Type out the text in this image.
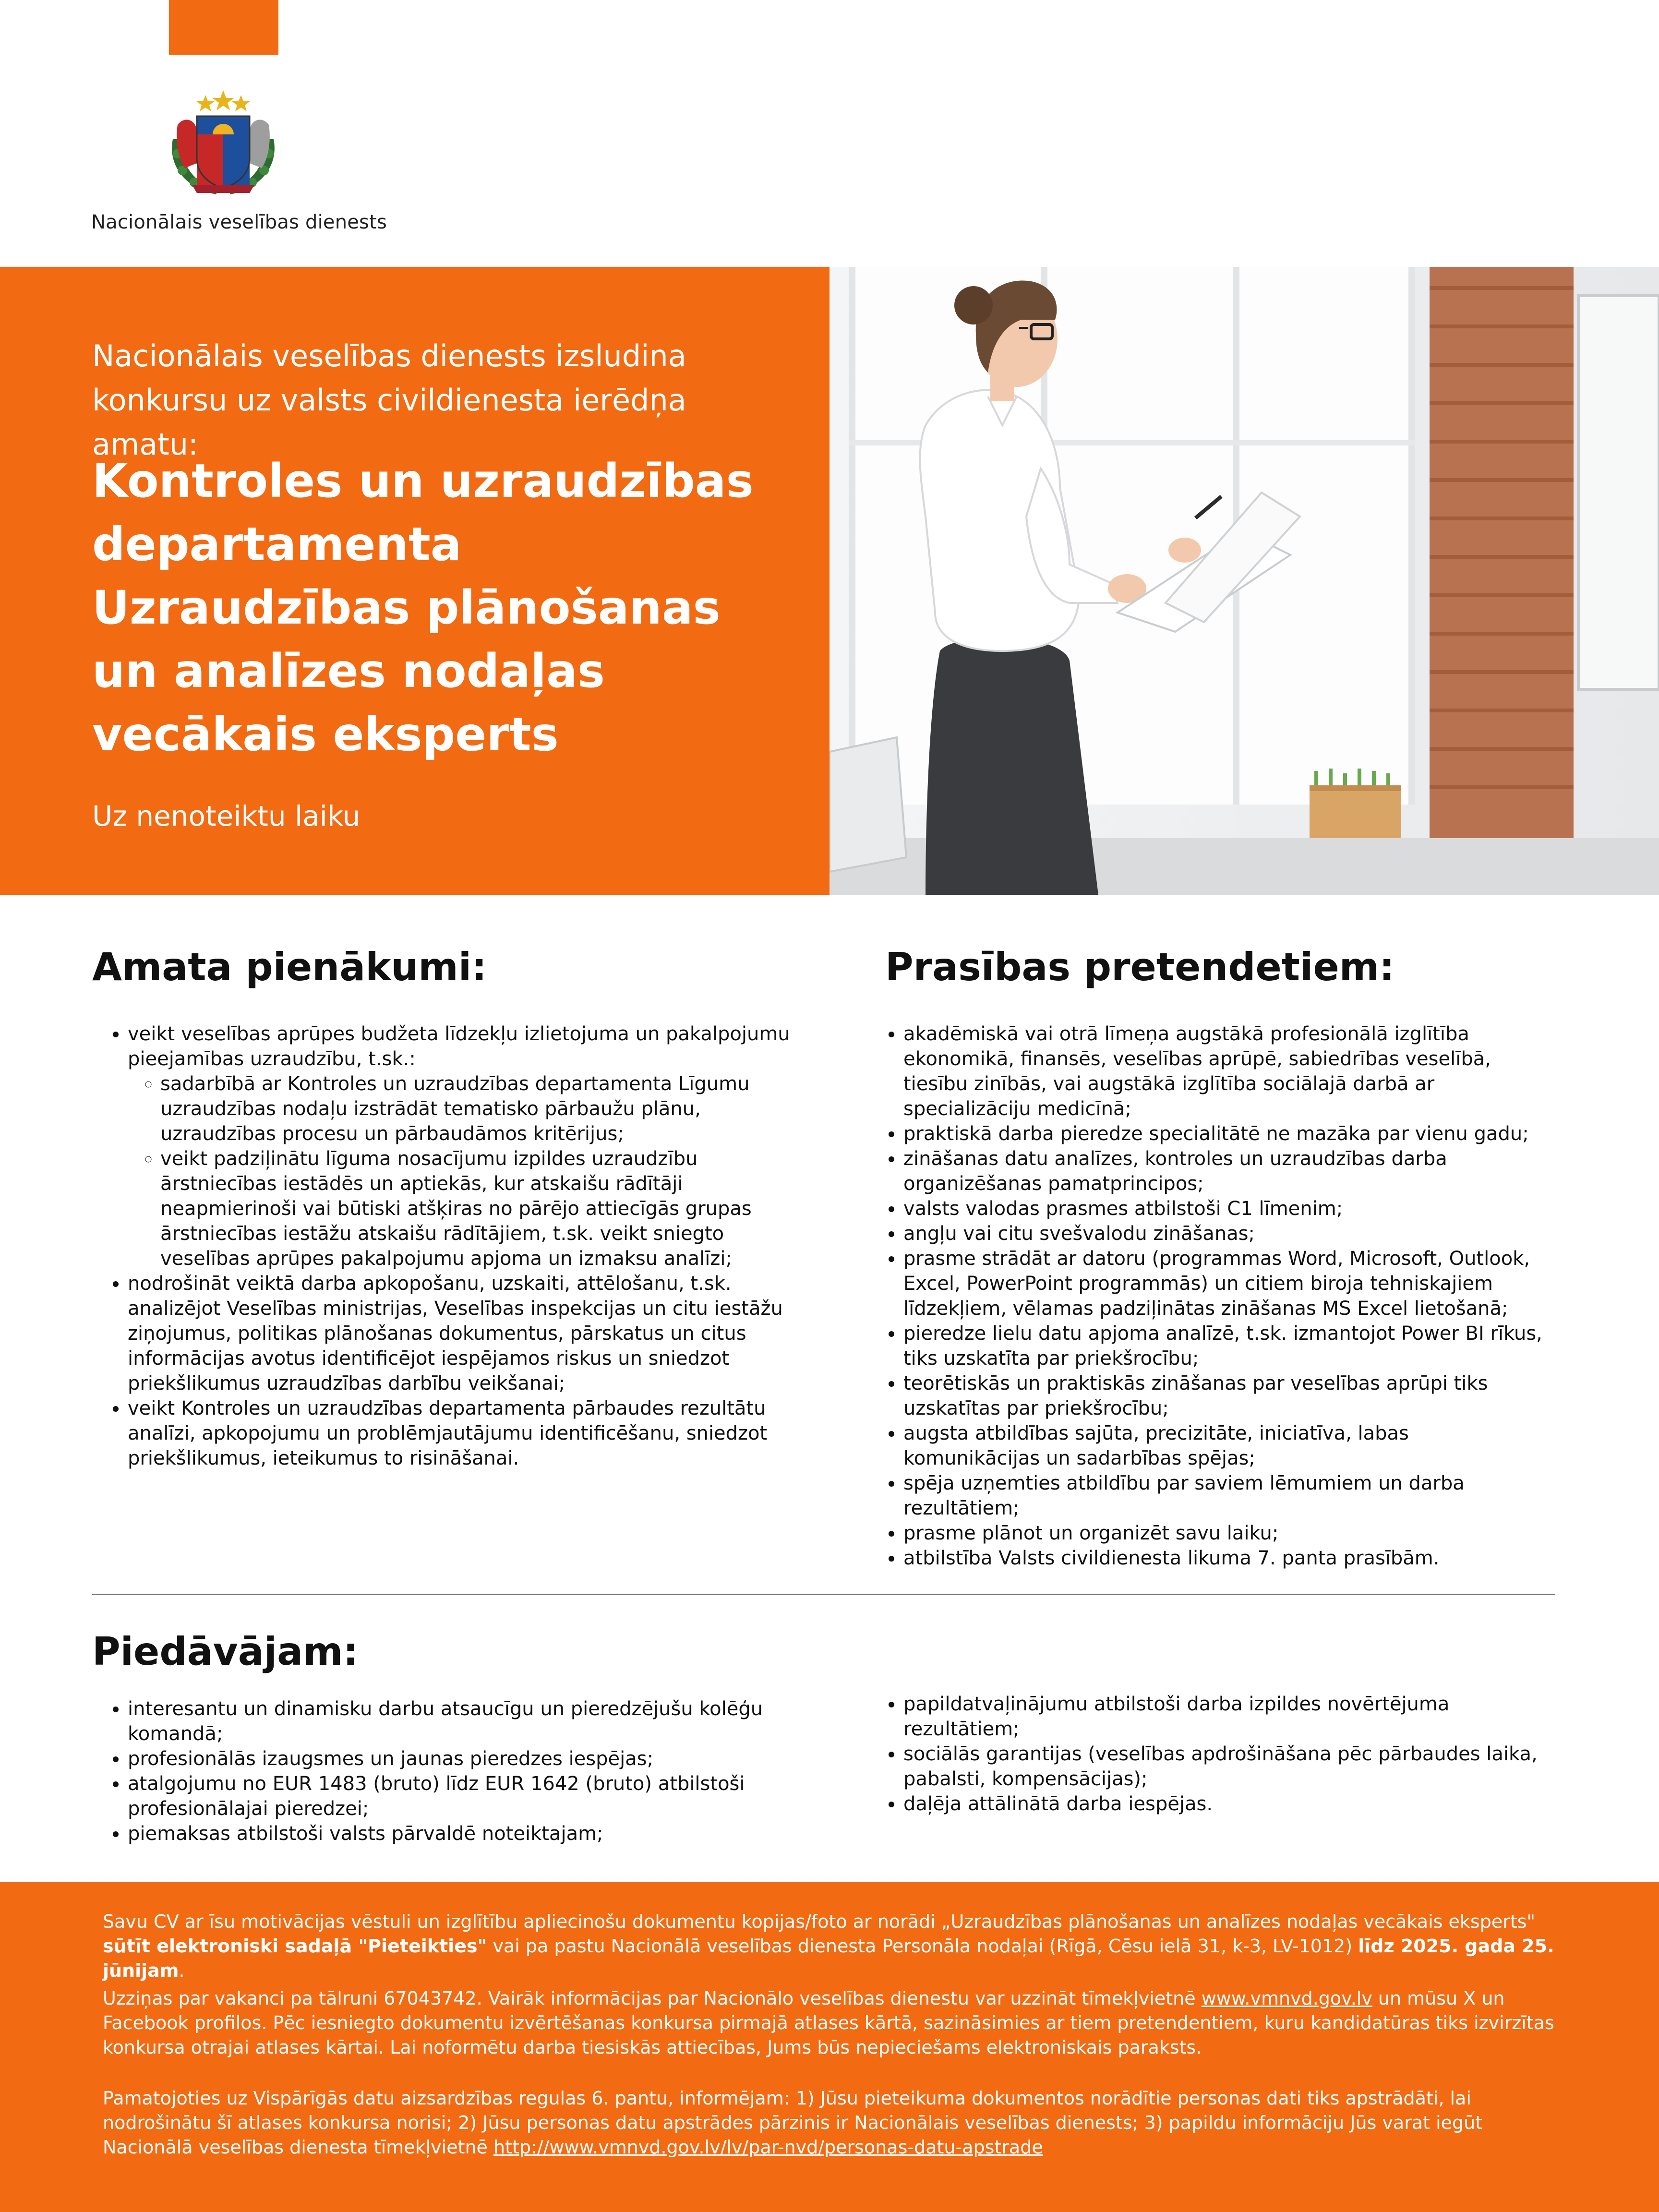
Nacionālais veselības dienests
Nacionālais veselības dienests izsludina konkursu uz valsts civildienesta ierēdņa amatu:
Kontroles un uzraudzības departamenta Uzraudzības plānošanas un analīzes nodaļas vecākais eksperts
Uz nenoteiktu laiku
Amata pienākumi:
• veikt veselības aprūpes budžeta līdzekļu izlietojuma un pakalpojumu pieejamības uzraudzību, t.sk.:
◦ sadarbībā ar Kontroles un uzraudzības departamenta Līgumu uzraudzības nodaļu izstrādāt tematisko pārbaužu plānu, uzraudzības procesu un pārbaudāmos kritērijus;
◦ veikt padziļinātu līguma nosacījumu izpildes uzraudzību ārstniecības iestādēs un aptiekās, kur atskaišu rādītāji neapmierinoši vai būtiski atšķiras no pārējo attiecīgās grupas ārstniecības iestāžu atskaišu rādītājiem, t.sk. veikt sniegto veselības aprūpes pakalpojumu apjoma un izmaksu analīzi;
• nodrošināt veiktā darba apkopošanu, uzskaiti, attēlošanu, t.sk. analizējot Veselības ministrijas, Veselības inspekcijas un citu iestāžu ziņojumus, politikas plānošanas dokumentus, pārskatus un citus informācijas avotus identificējot iespējamos riskus un sniedzot priekšlikumus uzraudzības darbību veikšanai;
• veikt Kontroles un uzraudzības departamenta pārbaudes rezultātu analīzi, apkopojumu un problēmjautājumu identificēšanu, sniedzot priekšlikumus, ieteikumus to risināšanai.
Prasības pretendetiem:
• akadēmiskā vai otrā līmeņa augstākā profesionālā izglītība ekonomikā, finansēs, veselības aprūpē, sabiedrības veselībā, tiesību zinībās, vai augstākā izglītība sociālajā darbā ar specializāciju medicīnā;
• praktiskā darba pieredze specialitātē ne mazāka par vienu gadu;
• zināšanas datu analīzes, kontroles un uzraudzības darba organizēšanas pamatprincipos;
• valsts valodas prasmes atbilstoši C1 līmenim;
• angļu vai citu svešvalodu zināšanas;
• prasme strādāt ar datoru (programmas Word, Microsoft, Outlook, Excel, PowerPoint programmās) un citiem biroja tehniskajiem līdzekļiem, vēlamas padziļinātas zināšanas MS Excel lietošanā;
• pieredze lielu datu apjoma analīzē, t.sk. izmantojot Power BI rīkus, tiks uzskatīta par priekšrocību;
• teorētiskās un praktiskās zināšanas par veselības aprūpi tiks uzskatītas par priekšrocību;
• augsta atbildības sajūta, precizitāte, iniciatīva, labas komunikācijas un sadarbības spējas;
• spēja uzņemties atbildību par saviem lēmumiem un darba rezultātiem;
• prasme plānot un organizēt savu laiku;
• atbilstība Valsts civildienesta likuma 7. panta prasībām.
Piedāvājam:
• interesantu un dinamisku darbu atsaucīgu un pieredzējušu kolēģu komandā;
• profesionālās izaugsmes un jaunas pieredzes iespējas;
• atalgojumu no EUR 1483 (bruto) līdz EUR 1642 (bruto) atbilstoši profesionālajai pieredzei;
• piemaksas atbilstoši valsts pārvaldē noteiktajam;
• papildatvaļinājumu atbilstoši darba izpildes novērtējuma rezultātiem;
• sociālās garantijas (veselības apdrošināšana pēc pārbaudes laika, pabalsti, kompensācijas);
• daļēja attālinātā darba iespējas.

Savu CV ar īsu motivācijas vēstuli un izglītību apliecinošu dokumentu kopijas/foto ar norādi „Uzraudzības plānošanas un analīzes nodaļas vecākais eksperts" sūtīt elektroniski sadaļā "Pieteikties" vai pa pastu Nacionālā veselības dienesta Personāla nodaļai (Rīgā, Cēsu ielā 31, k-3, LV-1012) līdz 2025. gada 25. jūnijam.

Uzziņas par vakanci pa tālruni 67043742. Vairāk informācijas par Nacionālo veselības dienestu var uzzināt tīmekļvietnē www.vmnvd.gov.lv un mūsu X un Facebook profilos. Pēc iesniegto dokumentu izvērtēšanas konkursa pirmajā atlases kārtā, sazināsimies ar tiem pretendentiem, kuru kandidatūras tiks izvirzītas konkursa otrajai atlases kārtai. Lai noformētu darba tiesiskās attiecības, Jums būs nepieciešams elektroniskais paraksts.

Pamatojoties uz Vispārīgās datu aizsardzības regulas 6. pantu, informējam: 1) Jūsu pieteikuma dokumentos norādītie personas dati tiks apstrādāti, lai nodrošinātu šī atlases konkursa norisi; 2) Jūsu personas datu apstrādes pārzinis ir Nacionālais veselības dienests; 3) papildu informāciju Jūs varat iegūt Nacionālā veselības dienesta tīmekļvietnē http://www.vmnvd.gov.lv/lv/par-nvd/personas-datu-apstrade
